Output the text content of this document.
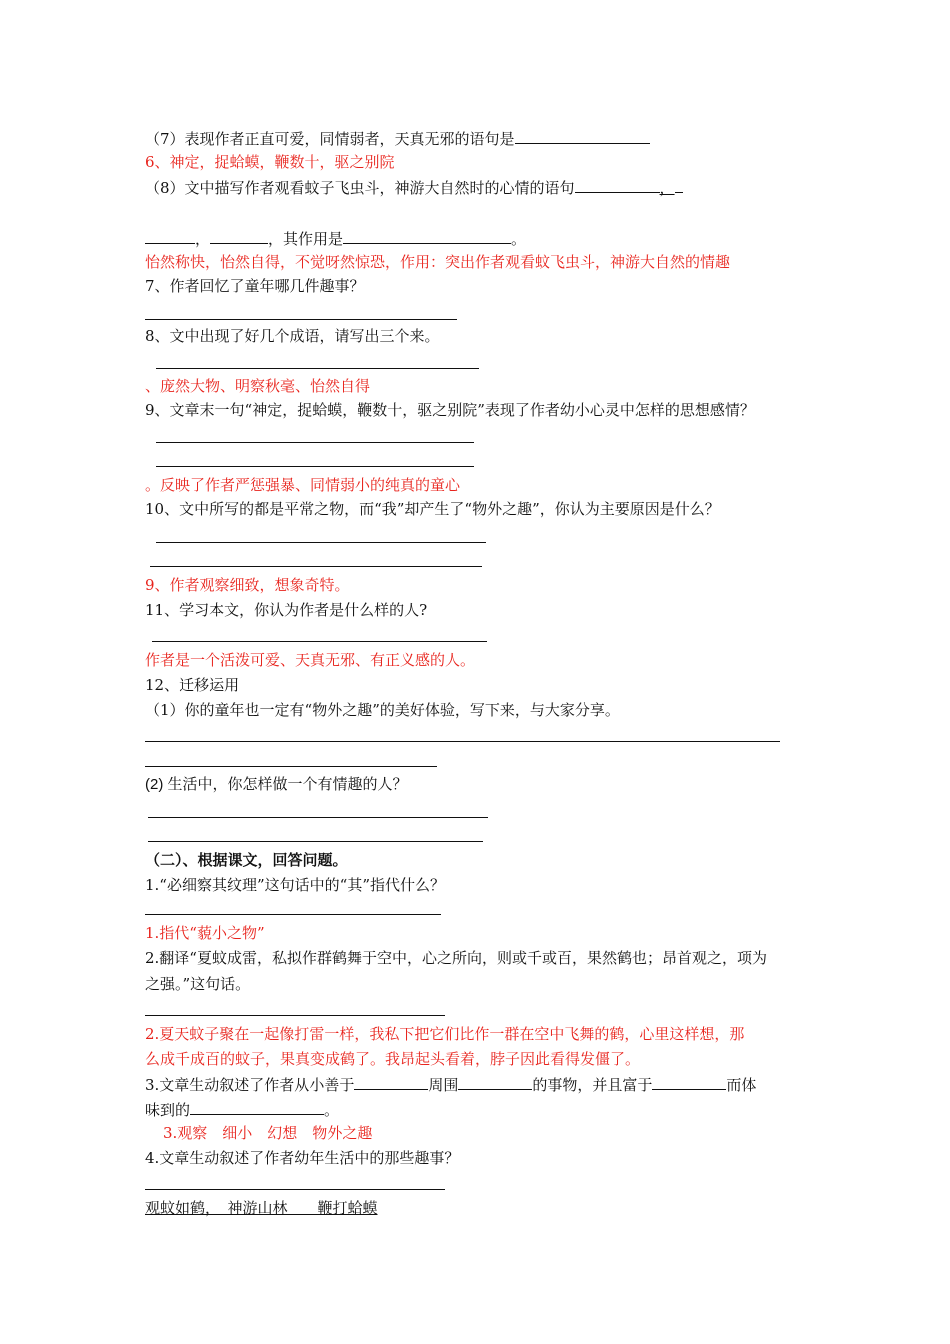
（7）表现作者正直可爱，同情弱者，天真无邪的语句是
6、神定，捉蛤蟆，鞭数十，驱之别院
（8）文中描写作者观看蚊子飞虫斗，神游大自然时的心情的语句	，
，	，其作用是	。
怡然称快，怡然自得，不觉呀然惊恐，作用：突出作者观看蚊飞虫斗，神游大自然的情趣
7、作者回忆了童年哪几件趣事？
8、文中出现了好几个成语，请写出三个来。
、庞然大物、明察秋毫、怡然自得
9、文章末一句“神定，捉蛤蟆，鞭数十，驱之别院”表现了作者幼小心灵中怎样的思想感情？
。反映了作者严惩强暴、同情弱小的纯真的童心
10、文中所写的都是平常之物，而“我”却产生了“物外之趣”，你认为主要原因是什么？
9、作者观察细致，想象奇特。
11、学习本文，你认为作者是什么样的人?
作者是一个活泼可爱、天真无邪、有正义感的人。
12、迁移运用
（1）你的童年也一定有“物外之趣”的美好体验，写下来，与大家分享。
(2) 生活中，你怎样做一个有情趣的人？
（二）、根据课文，回答问题。
1.“必细察其纹理”这句话中的“其”指代什么？
1.指代“藐小之物”
2.翻译“夏蚊成雷，私拟作群鹤舞于空中，心之所向，则或千或百，果然鹤也；昂首观之，项为
之强。”这句话。
2.夏天蚊子聚在一起像打雷一样，我私下把它们比作一群在空中飞舞的鹤，心里这样想，那
么成千成百的蚊子，果真变成鹤了。我昂起头看着，脖子因此看得发僵了。
3.文章生动叙述了作者从小善于	周围	的事物，并且富于	而体
味到的	。
3.观察　细小　幻想　物外之趣
4.文章生动叙述了作者幼年生活中的那些趣事？
观蚊如鹤，　神游山林　　鞭打蛤蟆
